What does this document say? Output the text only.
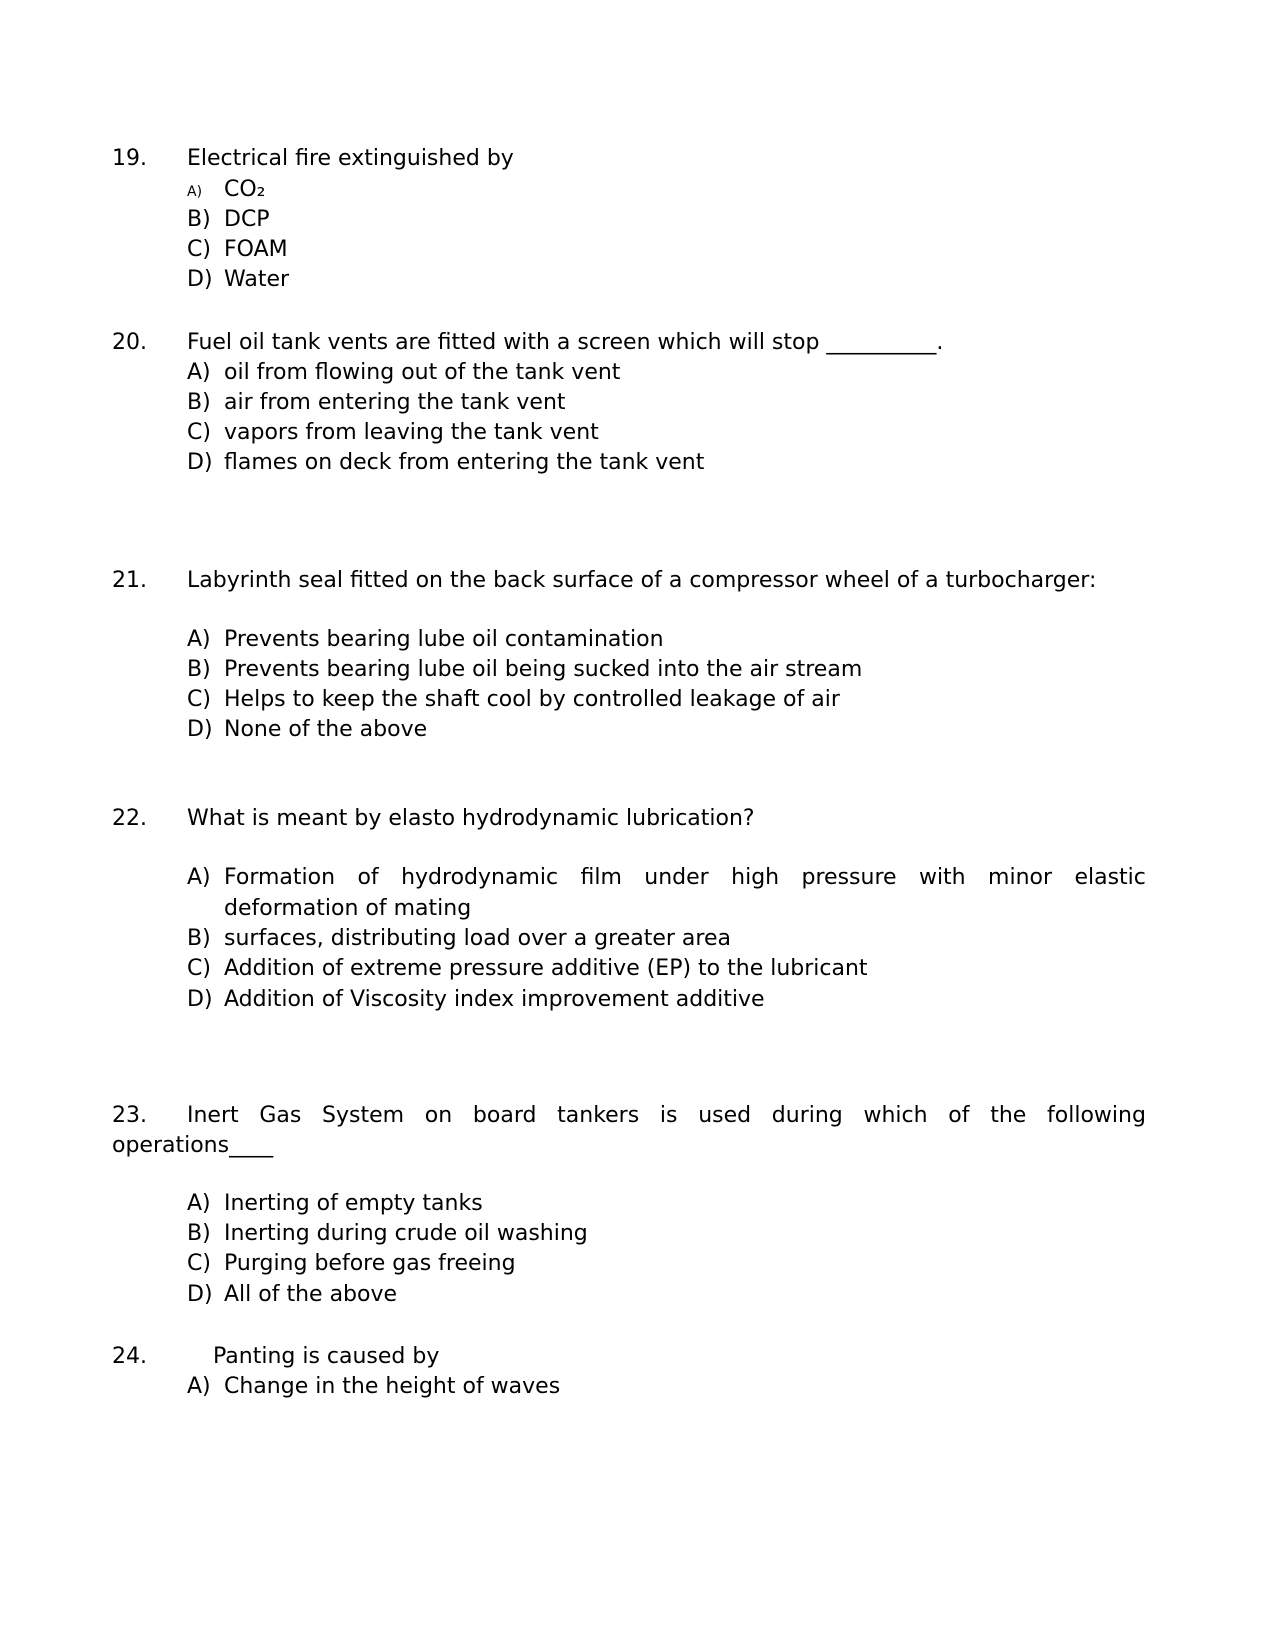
19. Electrical fire extinguished by
A) CO₂
B) DCP
C) FOAM
D) Water
20. Fuel oil tank vents are fitted with a screen which will stop __________.
A) oil from flowing out of the tank vent
B) air from entering the tank vent
C) vapors from leaving the tank vent
D) flames on deck from entering the tank vent
21. Labyrinth seal fitted on the back surface of a compressor wheel of a turbocharger:
A) Prevents bearing lube oil contamination
B) Prevents bearing lube oil being sucked into the air stream
C) Helps to keep the shaft cool by controlled leakage of air
D) None of the above
22. What is meant by elasto hydrodynamic lubrication?
A) Formation of hydrodynamic film under high pressure with minor elastic
deformation of mating
B) surfaces, distributing load over a greater area
C) Addition of extreme pressure additive (EP) to the lubricant
D) Addition of Viscosity index improvement additive
23. Inert Gas System on board tankers is used during which of the following
operations____
A) Inerting of empty tanks
B) Inerting during crude oil washing
C) Purging before gas freeing
D) All of the above
24.	Panting is caused by
A) Change in the height of waves
